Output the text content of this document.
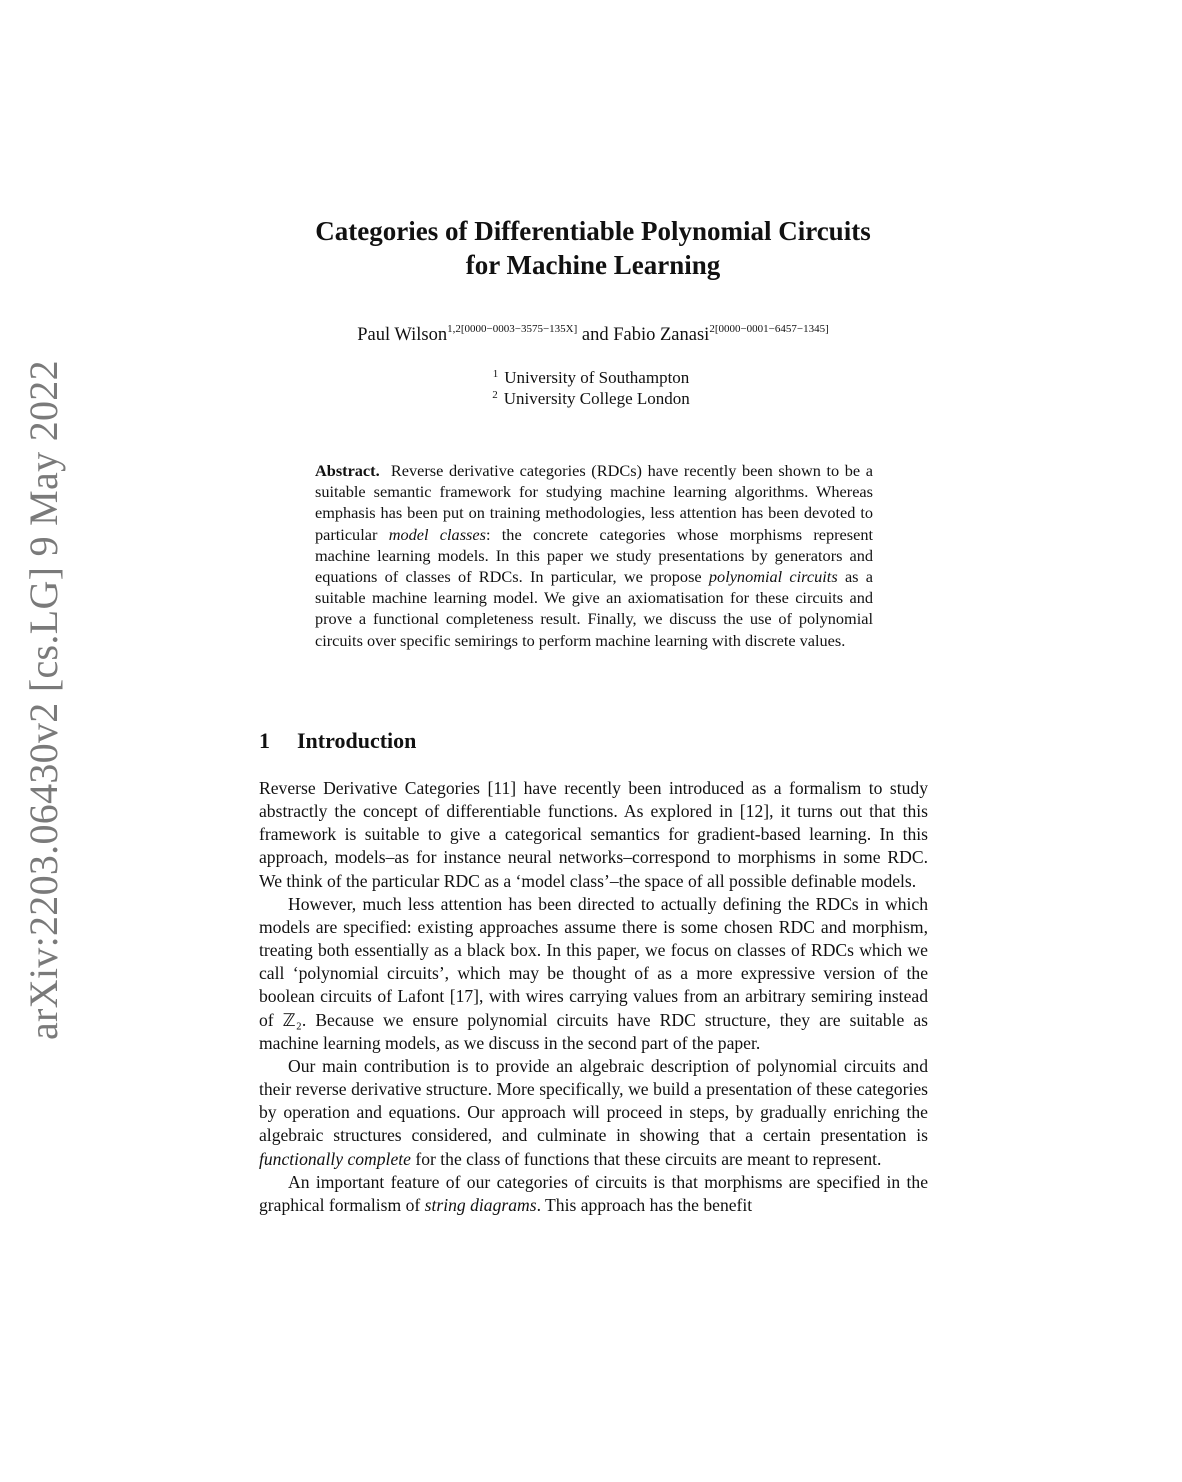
arXiv:2203.06430v2 [cs.LG] 9 May 2022
Categories of Differentiable Polynomial Circuits
for Machine Learning
Paul Wilson$^{1,2[0000-0003-3575-135X]}$ and Fabio Zanasi$^{2[0000-0001-6457-1345]}$
$^1$ University of Southampton
$^2$ University College London
Abstract. Reverse derivative categories (RDCs) have recently been shown to be a suitable semantic framework for studying machine learning algorithms. Whereas emphasis has been put on training methodologies, less attention has been devoted to particular model classes: the concrete categories whose morphisms represent machine learning models. In this paper we study presentations by generators and equations of classes of RDCs. In particular, we propose polynomial circuits as a suitable machine learning model. We give an axiomatisation for these circuits and prove a functional completeness result. Finally, we discuss the use of polynomial circuits over specific semirings to perform machine learning with discrete values.
1 Introduction

Reverse Derivative Categories [11] have recently been introduced as a formalism to study abstractly the concept of differentiable functions. As explored in [12], it turns out that this framework is suitable to give a categorical semantics for gradient-based learning. In this approach, models–as for instance neural networks–correspond to morphisms in some RDC. We think of the particular RDC as a ‘model class’–the space of all possible definable models.

However, much less attention has been directed to actually defining the RDCs in which models are specified: existing approaches assume there is some chosen RDC and morphism, treating both essentially as a black box. In this paper, we focus on classes of RDCs which we call ‘polynomial circuits’, which may be thought of as a more expressive version of the boolean circuits of Lafont [17], with wires carrying values from an arbitrary semiring instead of ℤ₂. Because we ensure polynomial circuits have RDC structure, they are suitable as machine learning models, as we discuss in the second part of the paper.

Our main contribution is to provide an algebraic description of polynomial circuits and their reverse derivative structure. More specifically, we build a presentation of these categories by operation and equations. Our approach will proceed in steps, by gradually enriching the algebraic structures considered, and culminate in showing that a certain presentation is functionally complete for the class of functions that these circuits are meant to represent.

An important feature of our categories of circuits is that morphisms are specified in the graphical formalism of string diagrams. This approach has the benefit
